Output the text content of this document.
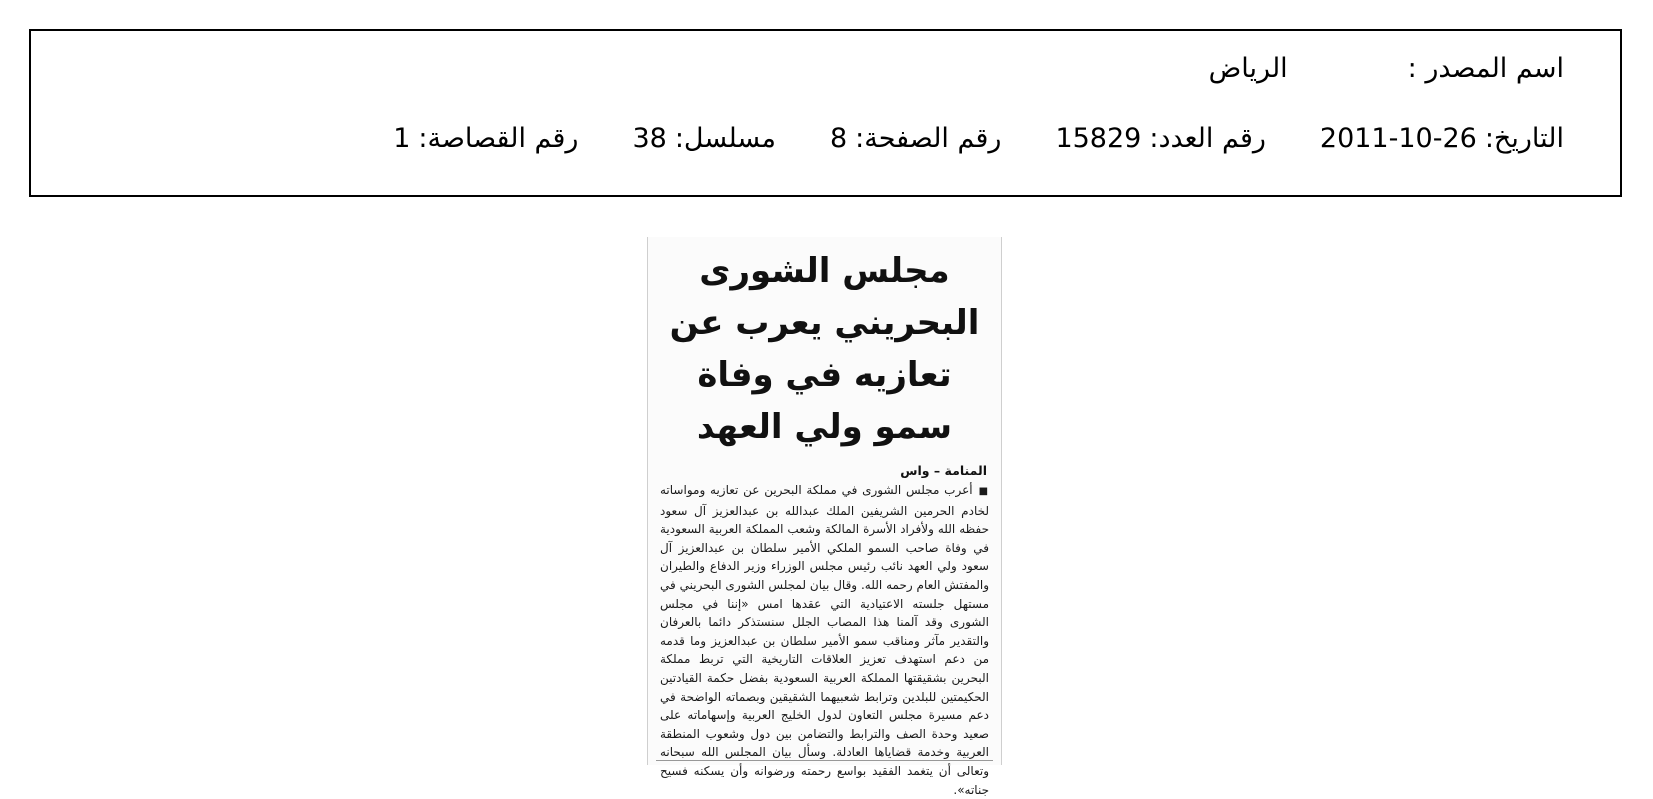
اسم المصدر :
الرياض
التاريخ:
2011-10-26
رقم العدد:
15829
رقم الصفحة:
8
مسلسل:
38
رقم القصاصة:
1
مجلس الشورى البحريني يعرب عن تعازيه في وفاة سمو ولي العهد
المنامة – واس
■أعرب مجلس الشورى في مملكة البحرين عن تعازيه ومواساته لخادم الحرمين الشريفين الملك عبدالله بن عبدالعزيز آل سعود حفظه الله ولأفراد الأسرة المالكة وشعب المملكة العربية السعودية في وفاة صاحب السمو الملكي الأمير سلطان بن عبدالعزيز آل سعود ولي العهد نائب رئيس مجلس الوزراء وزير الدفاع والطيران والمفتش العام رحمه الله. وقال بيان لمجلس الشورى البحريني في مستهل جلسته الاعتيادية التي عقدها امس «إننا في مجلس الشورى وقد آلمنا هذا المصاب الجلل سنستذكر دائما بالعرفان والتقدير مآثر ومناقب سمو الأمير سلطان بن عبدالعزيز وما قدمه من دعم استهدف تعزيز العلاقات التاريخية التي تربط مملكة البحرين بشقيقتها المملكة العربية السعودية بفضل حكمة القيادتين الحكيمتين للبلدين وترابط شعبيهما الشقيقين وبصماته الواضحة في دعم مسيرة مجلس التعاون لدول الخليج العربية وإسهاماته على صعيد وحدة الصف والترابط والتضامن بين دول وشعوب المنطقة العربية وخدمة قضاياها العادلة. وسأل بيان المجلس الله سبحانه وتعالى أن يتغمد الفقيد بواسع رحمته ورضوانه وأن يسكنه فسيح جناته».
